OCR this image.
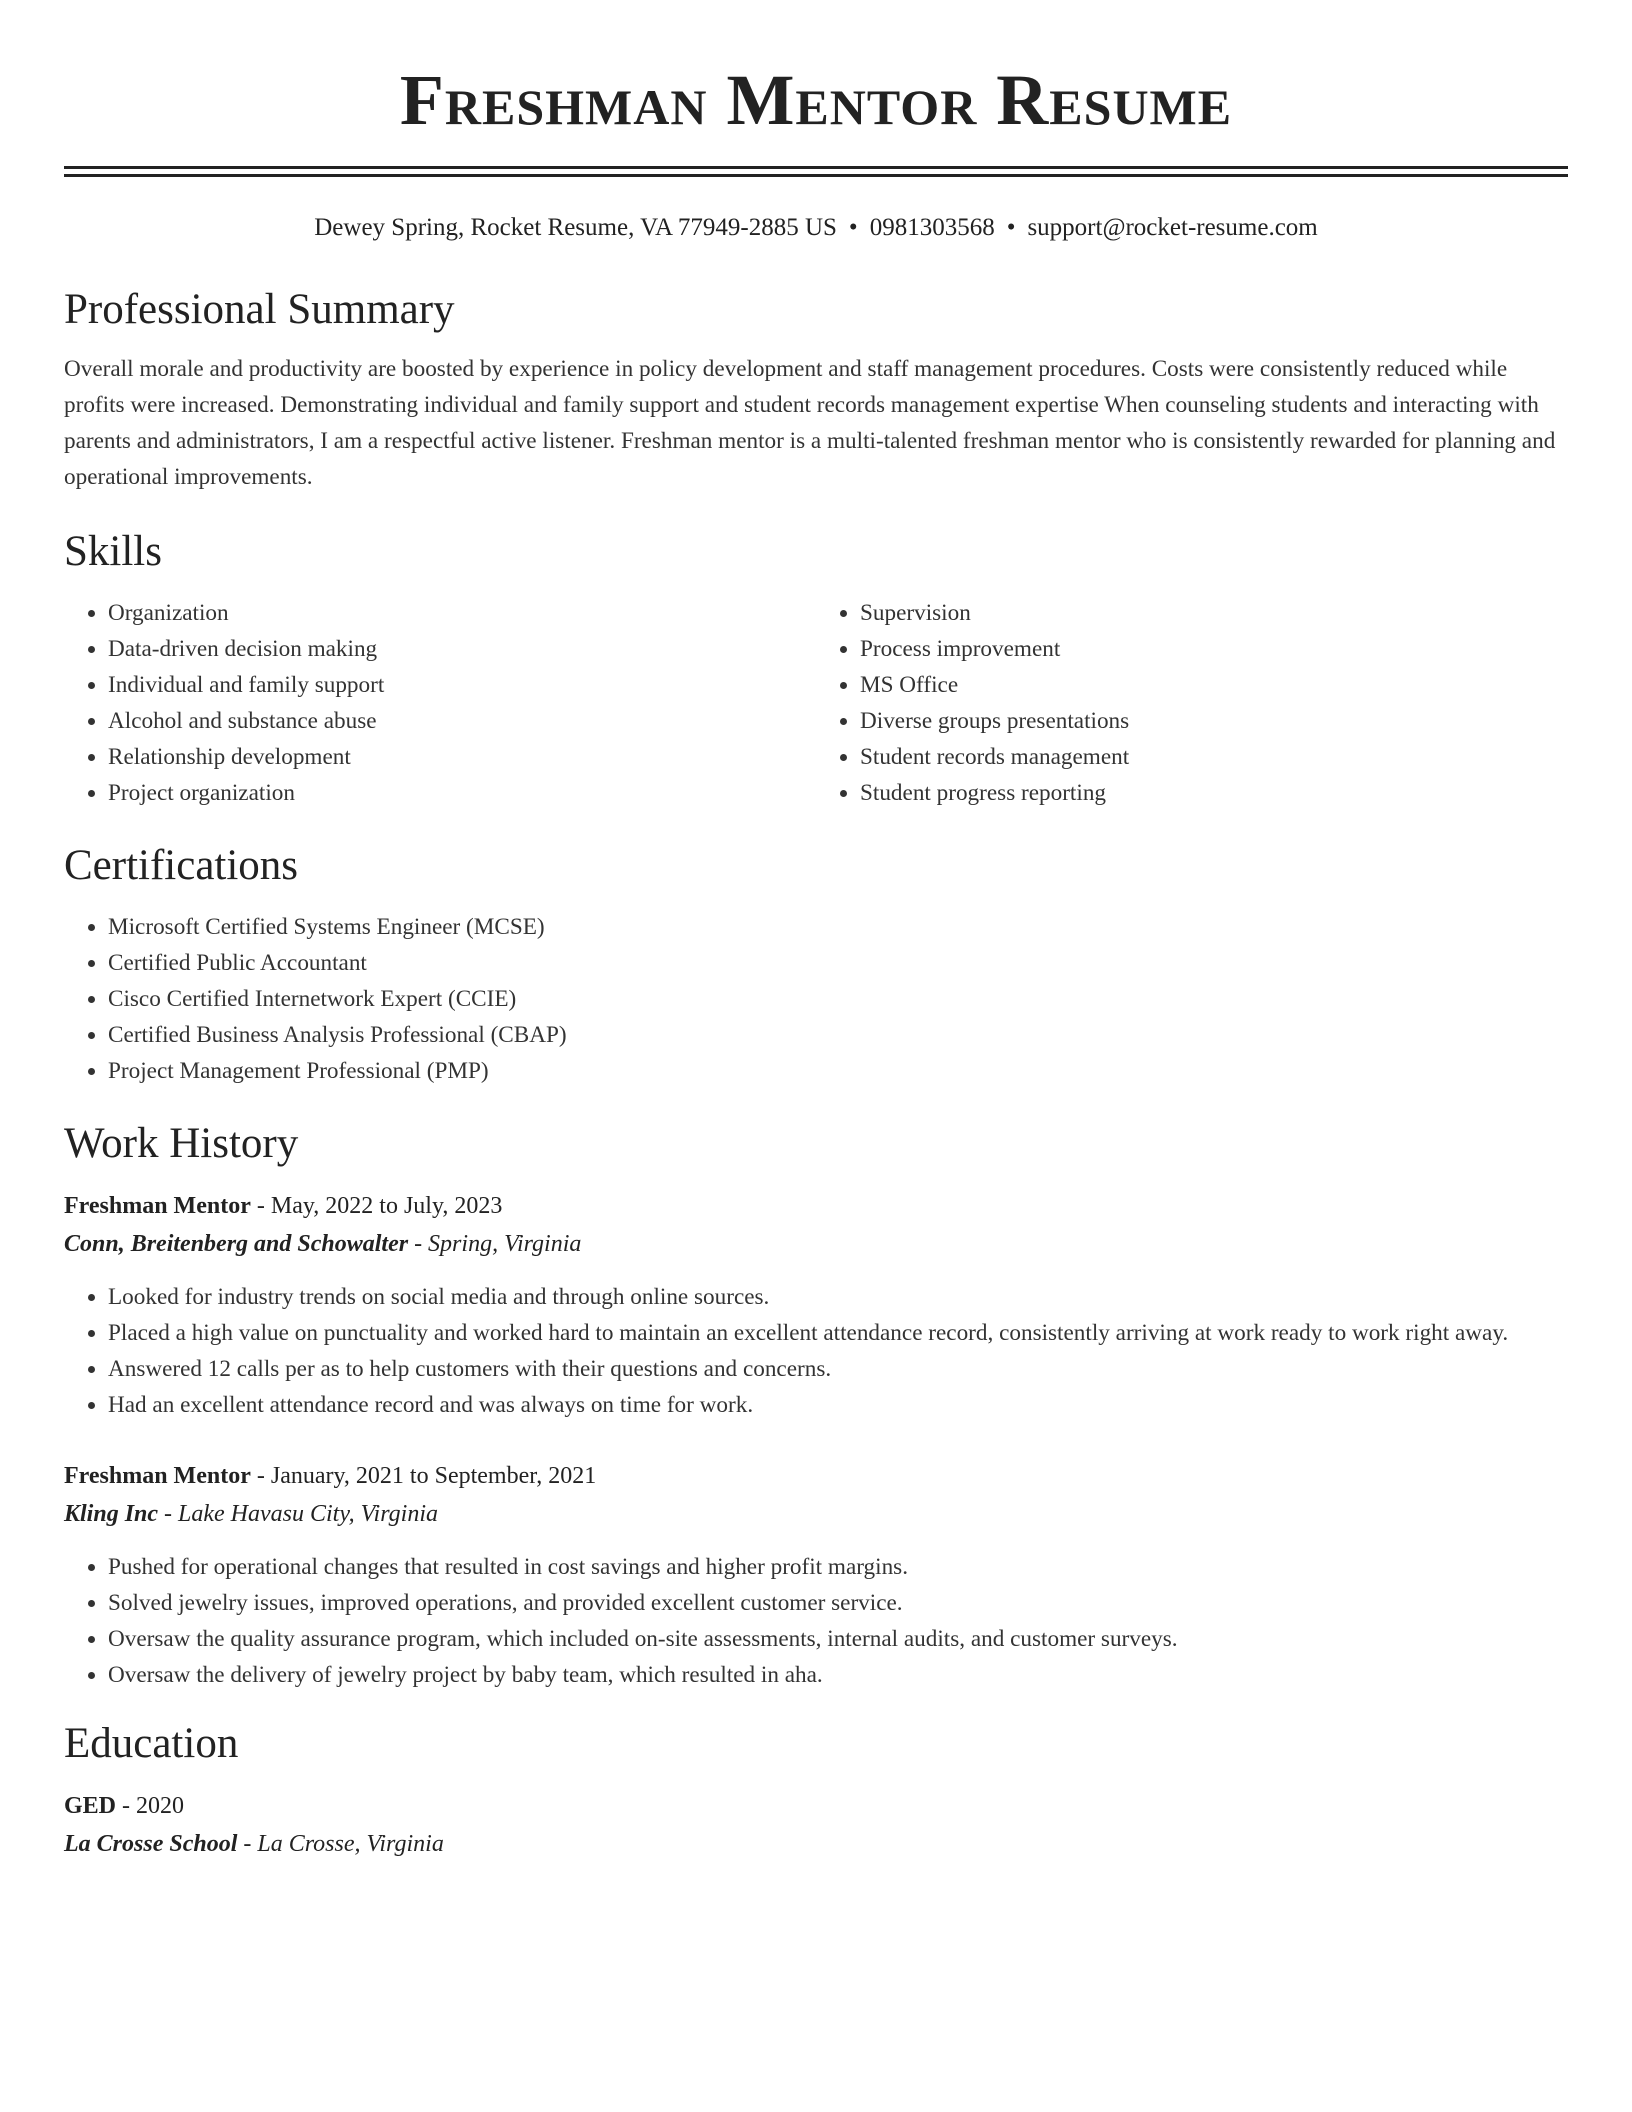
Freshman Mentor Resume
Dewey Spring, Rocket Resume, VA 77949-2885 US • 0981303568 • support@rocket-resume.com
Professional Summary
Overall morale and productivity are boosted by experience in policy development and staff management procedures. Costs were consistently reduced while profits were increased. Demonstrating individual and family support and student records management expertise When counseling students and interacting with parents and administrators, I am a respectful active listener. Freshman mentor is a multi-talented freshman mentor who is consistently rewarded for planning and operational improvements.
Skills
• Organization
• Data-driven decision making
• Individual and family support
• Alcohol and substance abuse
• Relationship development
• Project organization
• Supervision
• Process improvement
• MS Office
• Diverse groups presentations
• Student records management
• Student progress reporting
Certifications
• Microsoft Certified Systems Engineer (MCSE)
• Certified Public Accountant
• Cisco Certified Internetwork Expert (CCIE)
• Certified Business Analysis Professional (CBAP)
• Project Management Professional (PMP)
Work History
Freshman Mentor - May, 2022 to July, 2023
Conn, Breitenberg and Schowalter - Spring, Virginia
• Looked for industry trends on social media and through online sources.
• Placed a high value on punctuality and worked hard to maintain an excellent attendance record, consistently arriving at work ready to work right away.
• Answered 12 calls per as to help customers with their questions and concerns.
• Had an excellent attendance record and was always on time for work.
Freshman Mentor - January, 2021 to September, 2021
Kling Inc - Lake Havasu City, Virginia
• Pushed for operational changes that resulted in cost savings and higher profit margins.
• Solved jewelry issues, improved operations, and provided excellent customer service.
• Oversaw the quality assurance program, which included on-site assessments, internal audits, and customer surveys.
• Oversaw the delivery of jewelry project by baby team, which resulted in aha.
Education
GED - 2020
La Crosse School - La Crosse, Virginia
